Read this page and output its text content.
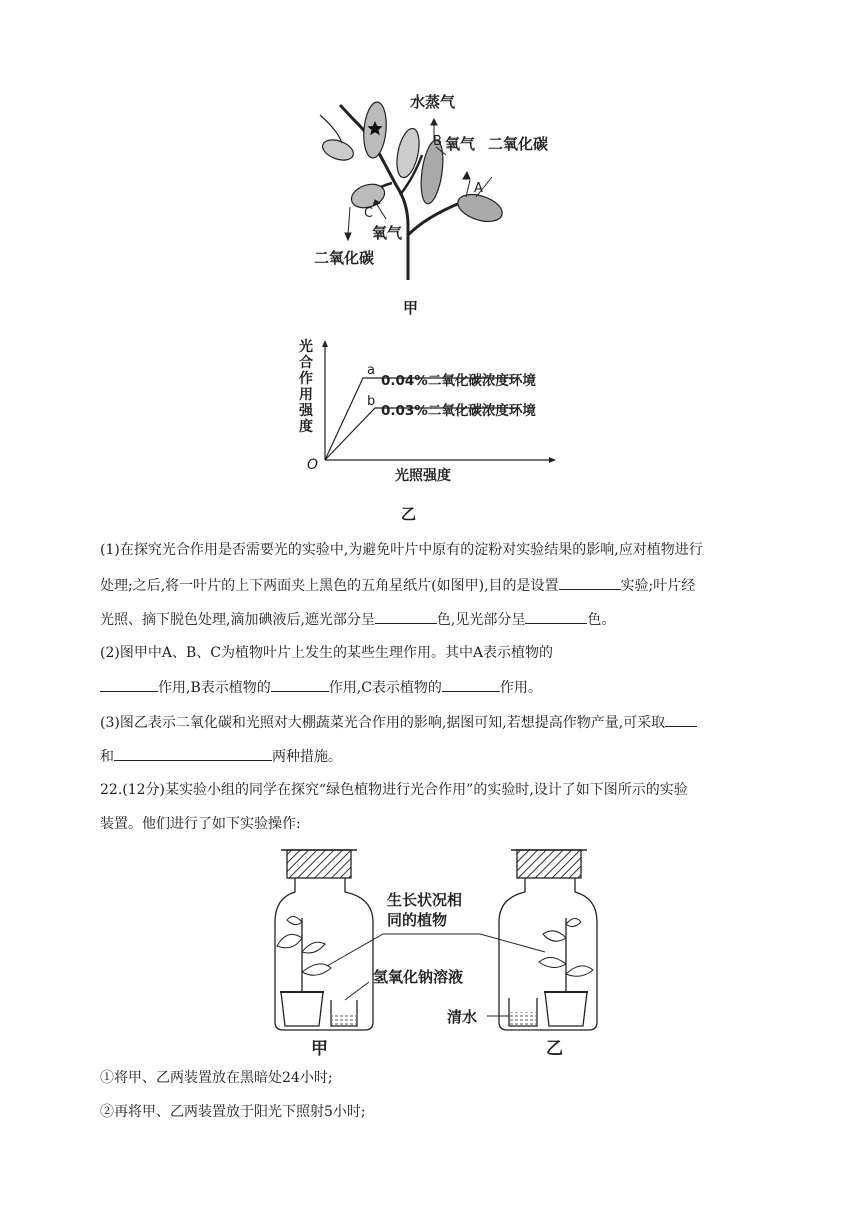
水蒸气
B 氧气 二氧化碳
A
C
氧气
二氧化碳
甲
光
合
作
用
强
度
O
光照强度
a
b
0.04%二氧化碳浓度环境
0.03%二氧化碳浓度环境
乙
(1)在探究光合作用是否需要光的实验中,为避免叶片中原有的淀粉对实验结果的影响,应对植物进行
处理;之后,将一叶片的上下两面夹上黑色的五角星纸片(如图甲),目的是设置	实验;叶片经
光照、摘下脱色处理,滴加碘液后,遮光部分呈	色,见光部分呈	色。
(2)图甲中A、B、C为植物叶片上发生的某些生理作用。其中A表示植物的
作用,B表示植物的	作用,C表示植物的	作用。
(3)图乙表示二氧化碳和光照对大棚蔬菜光合作用的影响,据图可知,若想提高作物产量,可采取
和	两种措施。
22.(12分)某实验小组的同学在探究“绿色植物进行光合作用”的实验时,设计了如下图所示的实验
装置。他们进行了如下实验操作:
生长状况相
同的植物
氢氧化钠溶液
清水
甲	乙
①将甲、乙两装置放在黑暗处24小时;
②再将甲、乙两装置放于阳光下照射5小时;
